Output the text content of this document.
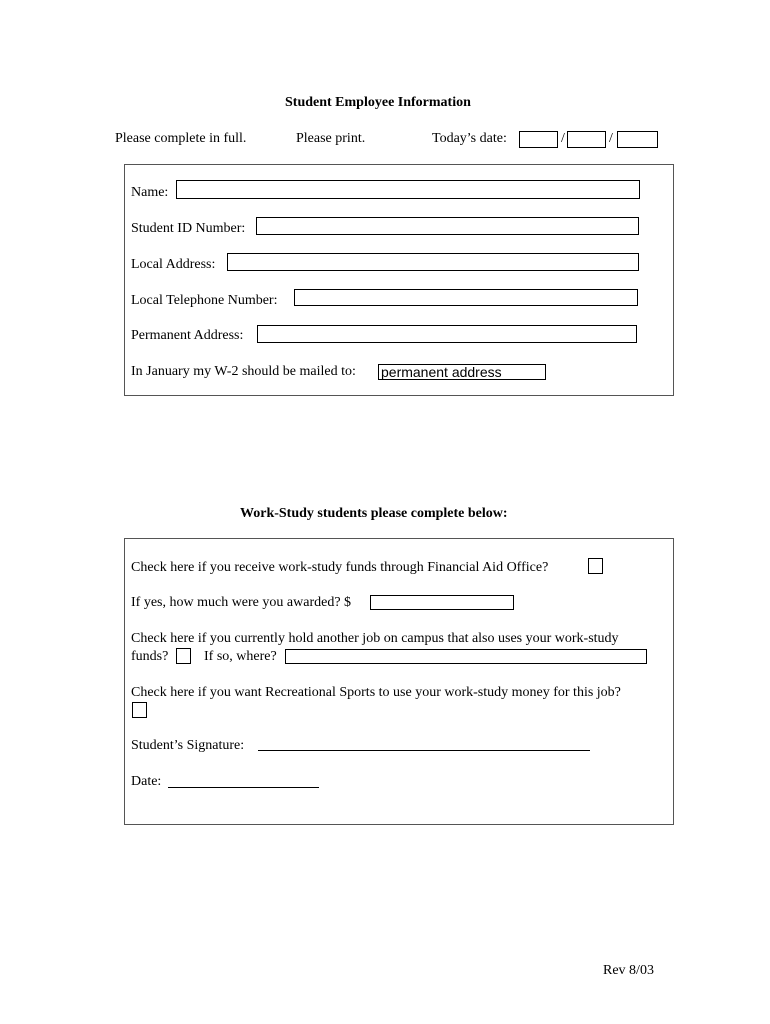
Student Employee Information
Please complete in full.	Please print.	Today’s date:	/	/
Name:
Student ID Number:
Local Address:
Local Telephone Number:
Permanent Address:
In January my W-2 should be mailed to: permanent address
Work-Study students please complete below:
Check here if you receive work-study funds through Financial Aid Office?
If yes, how much were you awarded? $
Check here if you currently hold another job on campus that also uses your work-study
funds?	If so, where?
Check here if you want Recreational Sports to use your work-study money for this job?
Student’s Signature:
Date:
Rev 8/03
